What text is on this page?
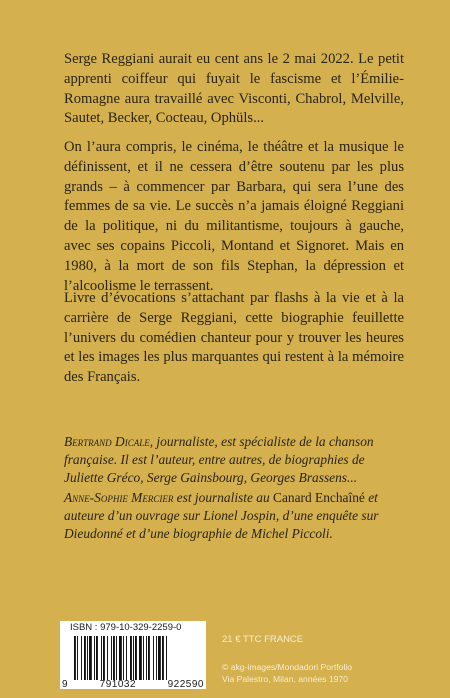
Serge Reggiani aurait eu cent ans le 2 mai 2022. Le petit apprenti coiffeur qui fuyait le fascisme et l’Émilie-Romagne aura travaillé avec Visconti, Chabrol, Melville, Sautet, Becker, Cocteau, Ophüls...

On l’aura compris, le cinéma, le théâtre et la musique le définissent, et il ne cessera d’être soutenu par les plus grands – à commencer par Barbara, qui sera l’une des femmes de sa vie. Le succès n’a jamais éloigné Reggiani de la politique, ni du militantisme, toujours à gauche, avec ses copains Piccoli, Montand et Signoret. Mais en 1980, à la mort de son fils Stephan, la dépression et l’alcoolisme le terrassent.

Livre d’évocations s’attachant par flashs à la vie et à la carrière de Serge Reggiani, cette biographie feuillette l’univers du comédien chanteur pour y trouver les heures et les images les plus marquantes qui restent à la mémoire des Français.

Bertrand Dicale, journaliste, est spécialiste de la chanson française. Il est l’auteur, entre autres, de biographies de Juliette Gréco, Serge Gainsbourg, Georges Brassens...

Anne-Sophie Mercier est journaliste au Canard Enchaîné et auteure d’un ouvrage sur Lionel Jospin, d’une enquête sur Dieudonné et d’une biographie de Michel Piccoli.

ISBN : 979-10-329-2259-0
9	791032	922590
21 € TTC FRANCE
© akg-images/Mondadori Portfolio
Via Palestro, Milan, années 1970
